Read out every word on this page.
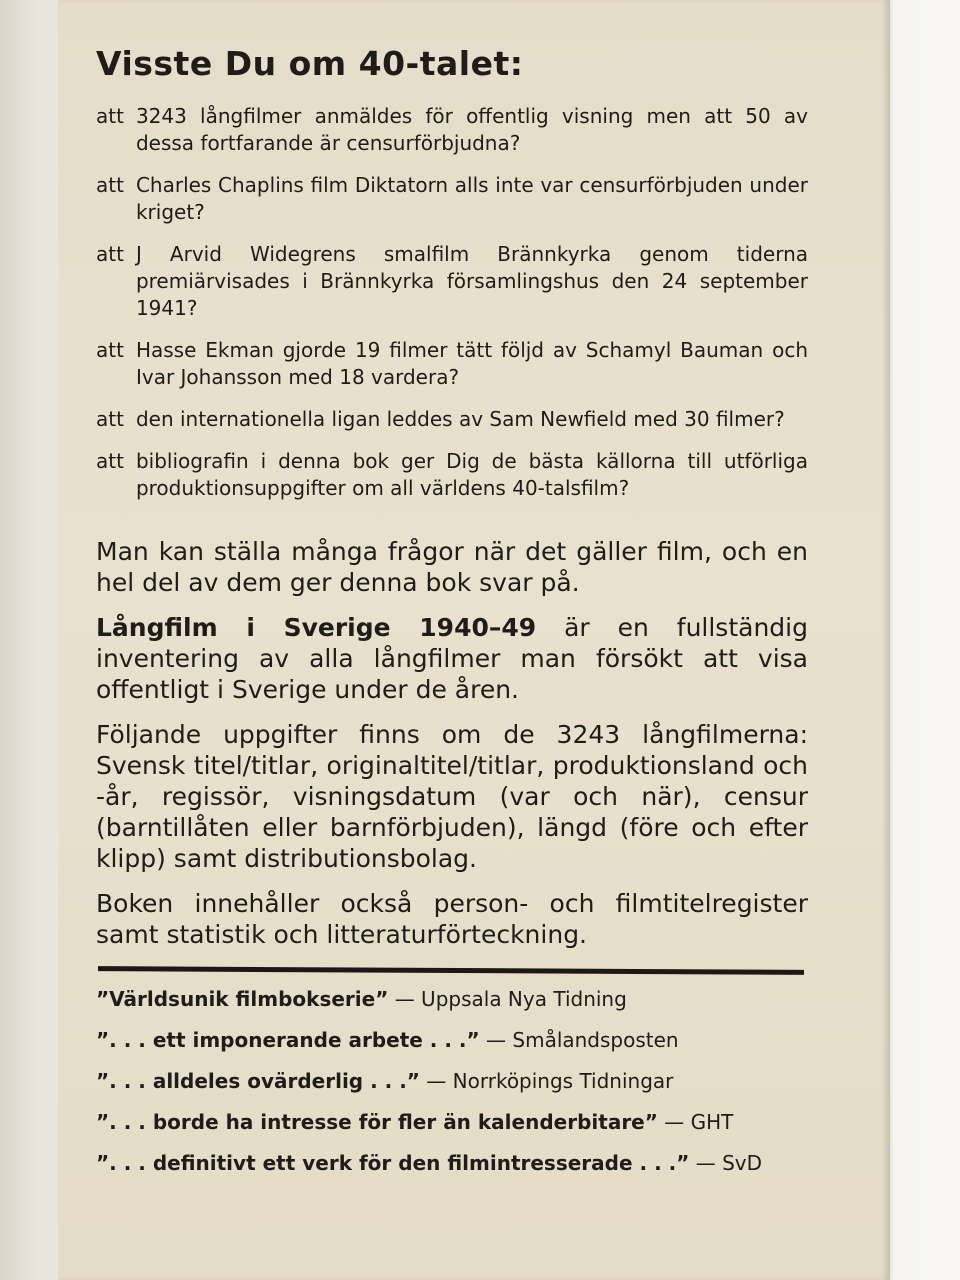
Visste Du om 40-talet:
att 3243 långfilmer anmäldes för offentlig visning men att 50 av dessa fortfarande är censurförbjudna?
att Charles Chaplins film Diktatorn alls inte var censurförbjuden under kriget?
att J Arvid Widegrens smalfilm Brännkyrka genom tiderna premiärvisades i Brännkyrka församlingshus den 24 september 1941?
att Hasse Ekman gjorde 19 filmer tätt följd av Schamyl Bauman och Ivar Johansson med 18 vardera?
att den internationella ligan leddes av Sam Newfield med 30 filmer?
att bibliografin i denna bok ger Dig de bästa källorna till utförliga produktionsuppgifter om all världens 40-talsfilm?

Man kan ställa många frågor när det gäller film, och en hel del av dem ger denna bok svar på.

Långfilm i Sverige 1940–49 är en fullständig inventering av alla långfilmer man försökt att visa offentligt i Sverige under de åren.

Följande uppgifter finns om de 3243 långfilmerna: Svensk titel/titlar, originaltitel/titlar, produktionsland och -år, regissör, visningsdatum (var och när), censur (barntillåten eller barnförbjuden), längd (före och efter klipp) samt distributionsbolag.

Boken innehåller också person- och filmtitelregister samt statistik och litteraturförteckning.

”Världsunik filmbokserie” — Uppsala Nya Tidning
”. . . ett imponerande arbete . . .” — Smålandsposten
”. . . alldeles ovärderlig . . .” — Norrköpings Tidningar
”. . . borde ha intresse för fler än kalenderbitare” — GHT
”. . . definitivt ett verk för den filmintresserade . . .” — SvD
